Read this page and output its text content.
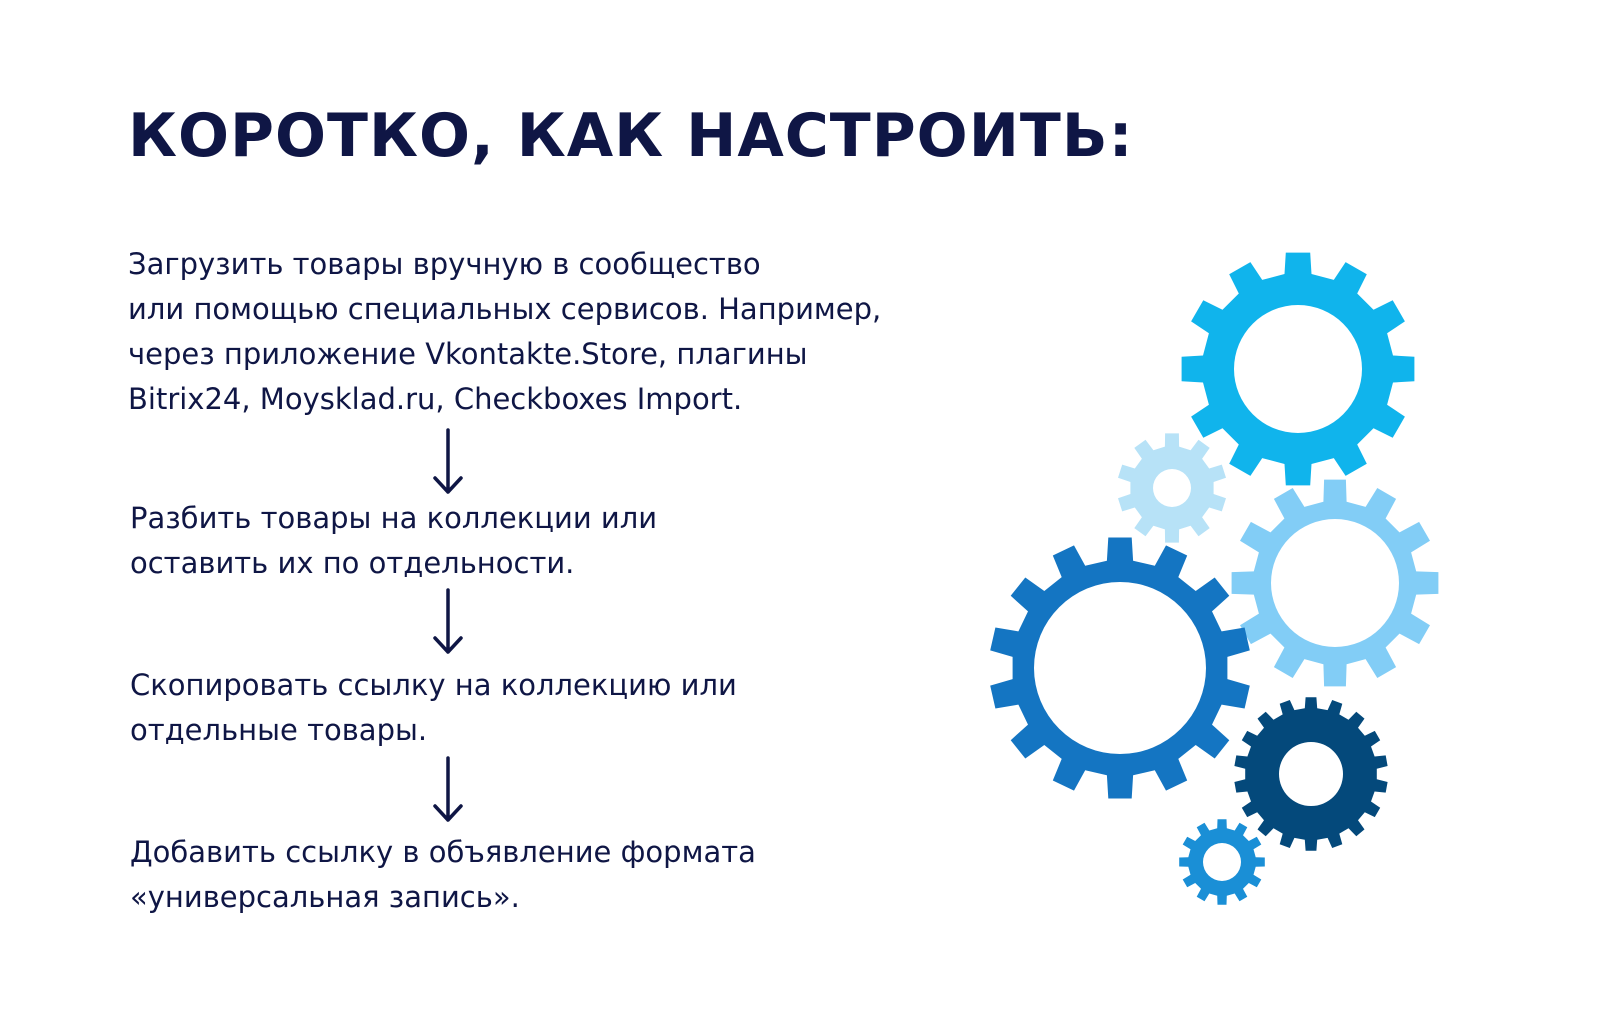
КОРОТКО, КАК НАСТРОИТЬ:
Загрузить товары вручную в сообщество
или помощью специальных сервисов. Например,
через приложение Vkontakte.Store, плагины
Bitrix24, Moysklad.ru, Checkboxes Import.
Разбить товары на коллекции или
оставить их по отдельности.
Скопировать ссылку на коллекцию или
отдельные товары.
Добавить ссылку в объявление формата
«универсальная запись».
